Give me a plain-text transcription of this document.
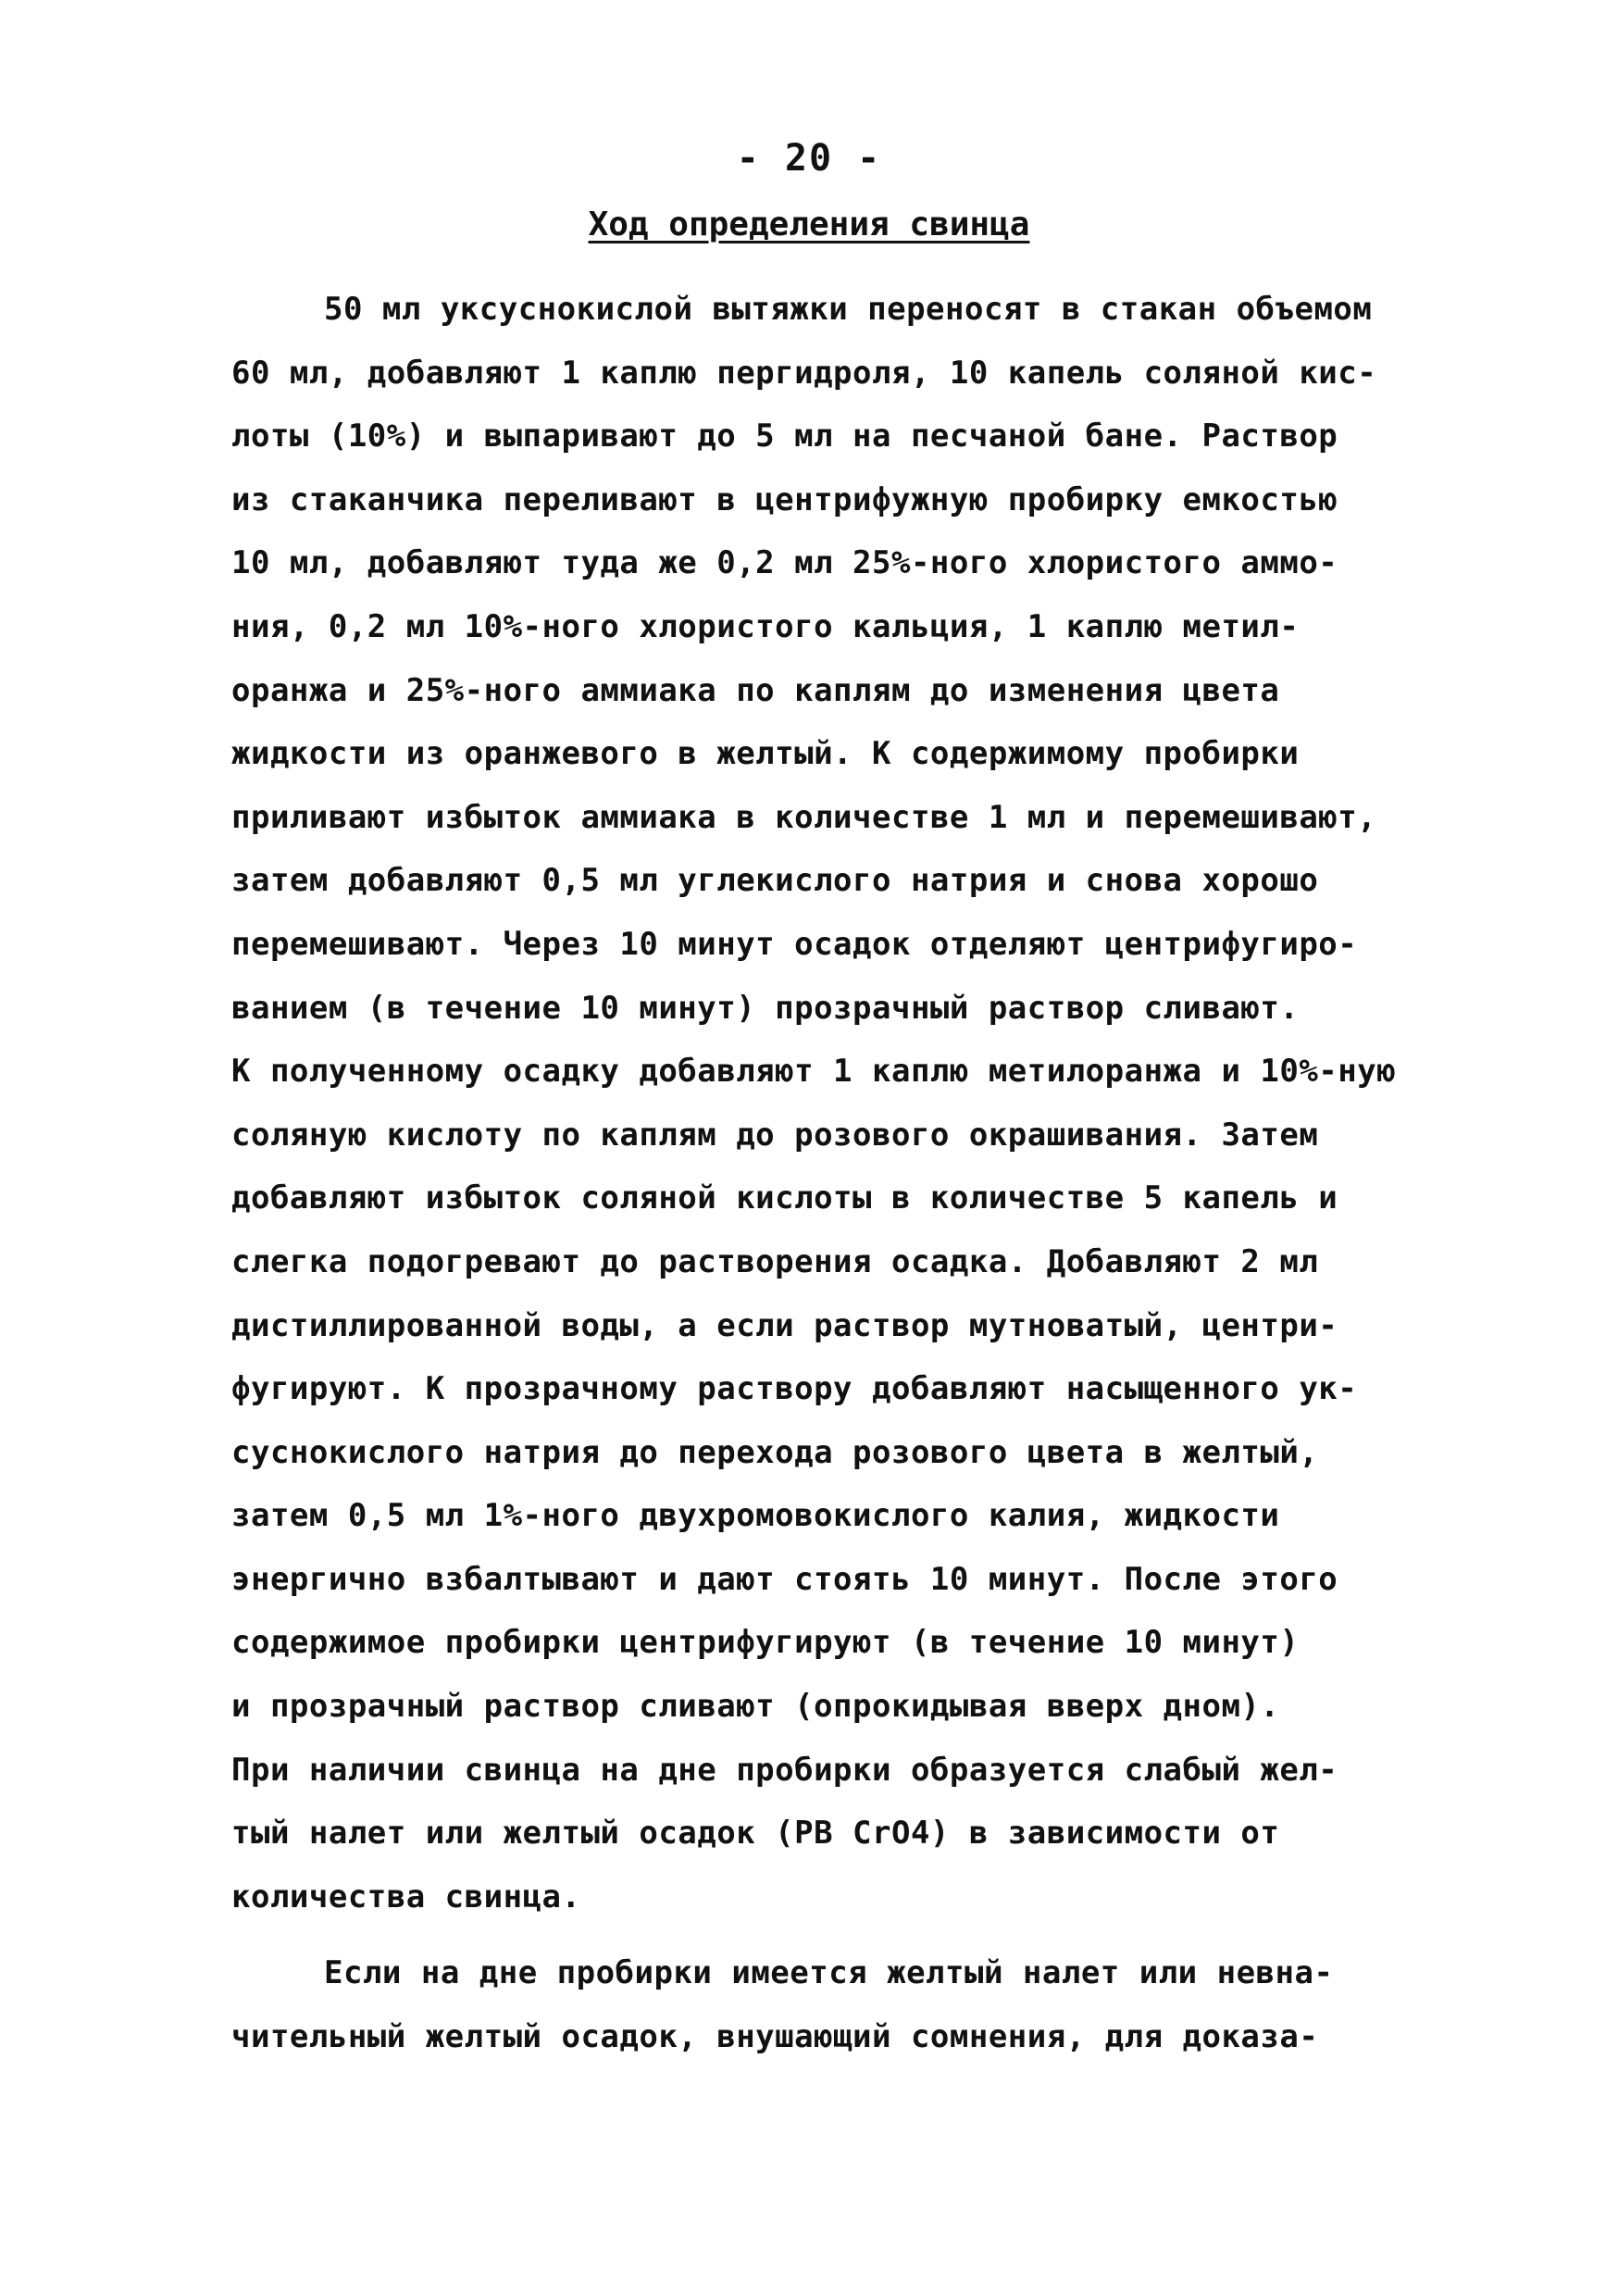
- 20 -
Ход определения свинца
50 мл уксуснокислой вытяжки переносят в стакан объемом
60 мл, добавляют 1 каплю пергидроля, 10 капель соляной кис-
лоты (10%) и выпаривают до 5 мл на песчаной бане. Раствор
из стаканчика переливают в центрифужную пробирку емкостью
10 мл, добавляют туда же 0,2 мл 25%-ного хлористого аммо-
ния, 0,2 мл 10%-ного хлористого кальция, 1 каплю метил-
оранжа и 25%-ного аммиака по каплям до изменения цвета
жидкости из оранжевого в желтый. К содержимому пробирки
приливают избыток аммиака в количестве 1 мл и перемешивают,
затем добавляют 0,5 мл углекислого натрия и снова хорошо
перемешивают. Через 10 минут осадок отделяют центрифугиро-
ванием (в течение 10 минут) прозрачный раствор сливают.
К полученному осадку добавляют 1 каплю метилоранжа и 10%-ную
соляную кислоту по каплям до розового окрашивания. Затем
добавляют избыток соляной кислоты в количестве 5 капель и
слегка подогревают до растворения осадка. Добавляют 2 мл
дистиллированной воды, а если раствор мутноватый, центри-
фугируют. К прозрачному раствору добавляют насыщенного ук-
суснокислого натрия до перехода розового цвета в желтый,
затем 0,5 мл 1%-ного двухромовокислого калия, жидкости
энергично взбалтывают и дают стоять 10 минут. После этого
содержимое пробирки центрифугируют (в течение 10 минут)
и прозрачный раствор сливают (опрокидывая вверх дном).
При наличии свинца на дне пробирки образуется слабый жел-
тый налет или желтый осадок (PB CrO4) в зависимости от
количества свинца.
Если на дне пробирки имеется желтый налет или невна-
чительный желтый осадок, внушающий сомнения, для доказа-
